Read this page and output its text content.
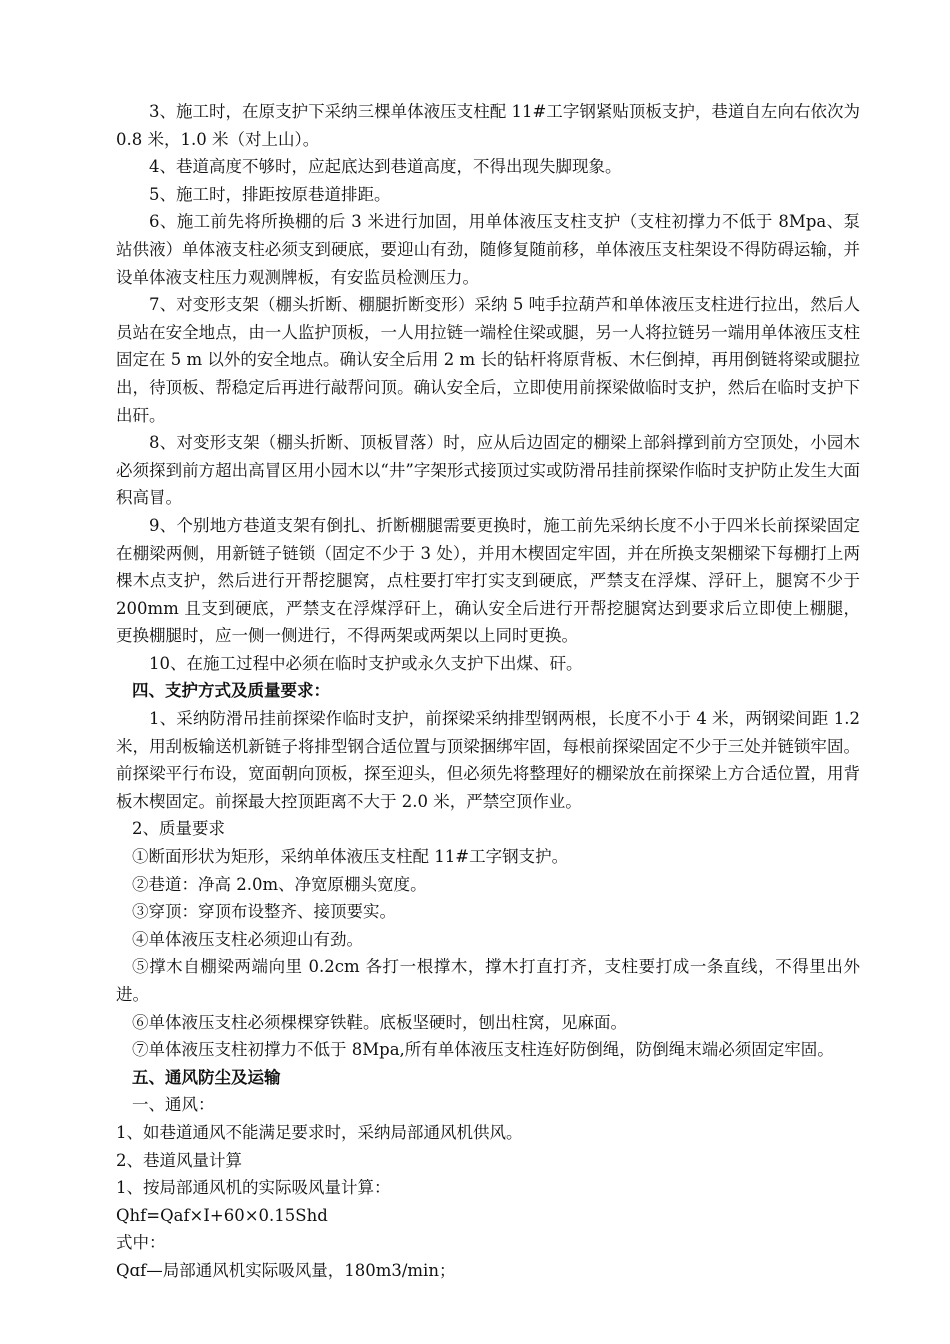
3、施工时，在原支护下采纳三棵单体液压支柱配 11#工字钢紧贴顶板支护，巷道自左向右依次为 0.8 米，1.0 米（对上山）。

4、巷道高度不够时，应起底达到巷道高度，不得出现失脚现象。

5、施工时，排距按原巷道排距。

6、施工前先将所换棚的后 3 米进行加固，用单体液压支柱支护（支柱初撑力不低于 8Mpa、泵站供液）单体液支柱必须支到硬底，要迎山有劲，随修复随前移，单体液压支柱架设不得防碍运输，并设单体液支柱压力观测牌板，有安监员检测压力。

7、对变形支架（棚头折断、棚腿折断变形）采纳 5 吨手拉葫芦和单体液压支柱进行拉出，然后人员站在安全地点，由一人监护顶板，一人用拉链一端栓住梁或腿，另一人将拉链另一端用单体液压支柱固定在 5 m 以外的安全地点。确认安全后用 2 m 长的钻杆将原背板、木仨倒掉，再用倒链将梁或腿拉出，待顶板、帮稳定后再进行敲帮问顶。确认安全后，立即使用前探梁做临时支护，然后在临时支护下出矸。

8、对变形支架（棚头折断、顶板冒落）时，应从后边固定的棚梁上部斜撑到前方空顶处，小园木必须探到前方超出高冒区用小园木以“井”字架形式接顶过实或防滑吊挂前探梁作临时支护防止发生大面积高冒。

9、个别地方巷道支架有倒扎、折断棚腿需要更换时，施工前先采纳长度不小于四米长前探梁固定在棚梁两侧，用新链子链锁（固定不少于 3 处），并用木楔固定牢固，并在所换支架棚梁下每棚打上两棵木点支护，然后进行开帮挖腿窝，点柱要打牢打实支到硬底，严禁支在浮煤、浮矸上，腿窝不少于 200mm 且支到硬底，严禁支在浮煤浮矸上，确认安全后进行开帮挖腿窝达到要求后立即使上棚腿，更换棚腿时，应一侧一侧进行，不得两架或两架以上同时更换。

10、在施工过程中必须在临时支护或永久支护下出煤、矸。

四、支护方式及质量要求：

1、采纳防滑吊挂前探梁作临时支护，前探梁采纳排型钢两根，长度不小于 4 米，两钢梁间距 1.2 米，用刮板输送机新链子将排型钢合适位置与顶梁捆绑牢固，每根前探梁固定不少于三处并链锁牢固。前探梁平行布设，宽面朝向顶板，探至迎头，但必须先将整理好的棚梁放在前探梁上方合适位置，用背板木楔固定。前探最大控顶距离不大于 2.0 米，严禁空顶作业。

2、质量要求

①断面形状为矩形，采纳单体液压支柱配 11#工字钢支护。

②巷道：净高 2.0m、净宽原棚头宽度。

③穿顶：穿顶布设整齐、接顶要实。

④单体液压支柱必须迎山有劲。

⑤撑木自棚梁两端向里 0.2cm 各打一根撑木，撑木打直打齐，支柱要打成一条直线，不得里出外进。

⑥单体液压支柱必须棵棵穿铁鞋。底板坚硬时，刨出柱窝，见麻面。

⑦单体液压支柱初撑力不低于 8Mpa,所有单体液压支柱连好防倒绳，防倒绳末端必须固定牢固。

五、通风防尘及运输

一、通风：

1、如巷道通风不能满足要求时，采纳局部通风机供风。

2、巷道风量计算

1、按局部通风机的实际吸风量计算：

Qhf=Qaf×I+60×0.15Shd

式中：

Qɑf—局部通风机实际吸风量，180m3/min；
